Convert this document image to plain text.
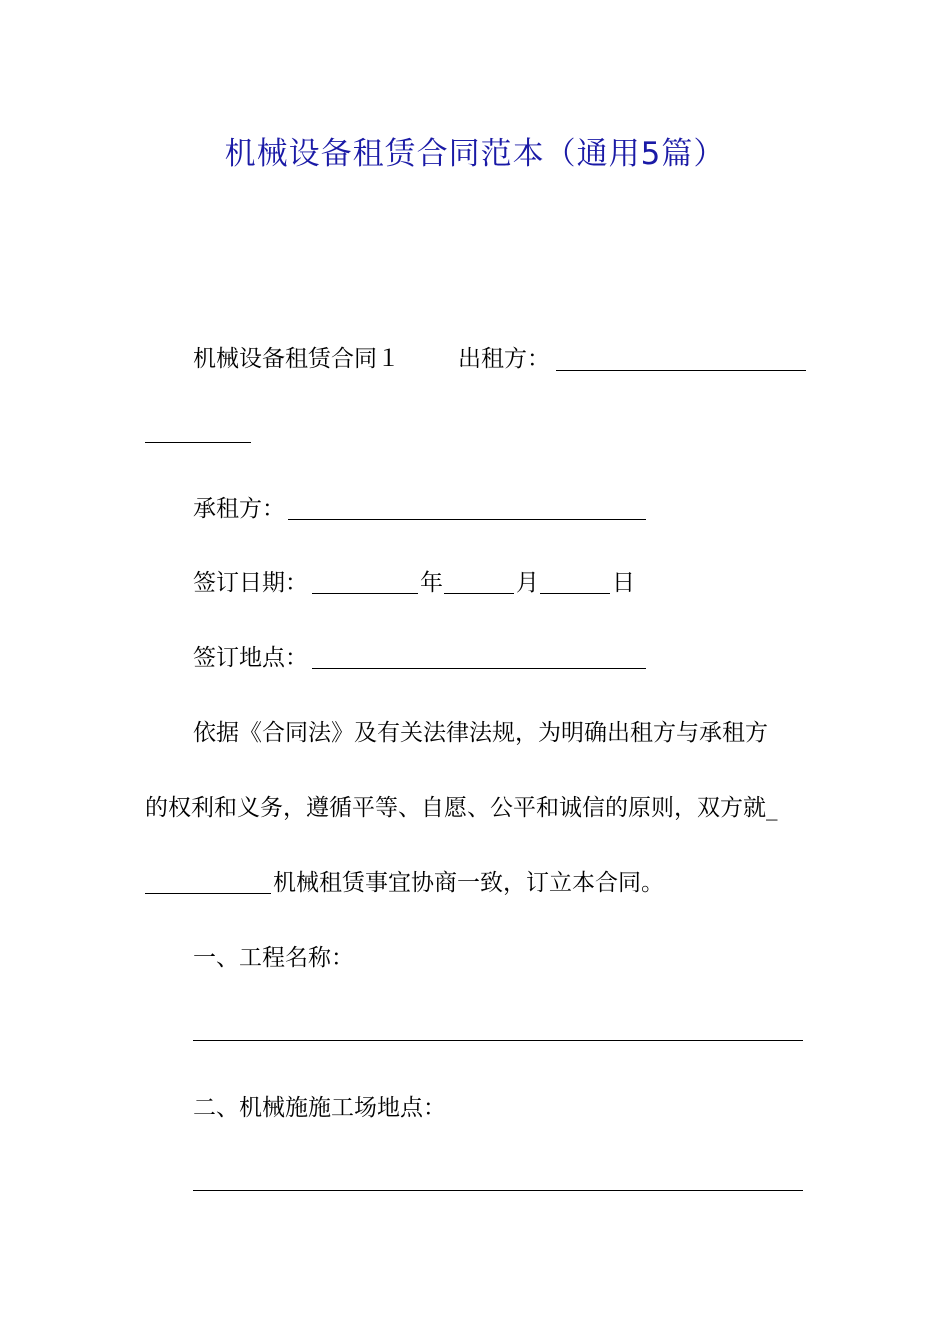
机械设备租赁合同范本（通用5篇）
机械设备租赁合同１	出租方：
承租方：
签订日期：	年	月	日
签订地点：
依据《合同法》及有关法律法规，为明确出租方与承租方
的权利和义务，遵循平等、自愿、公平和诚信的原则，双方就_
机械租赁事宜协商一致，订立本合同。
一、工程名称：
二、机械施施工场地点：
